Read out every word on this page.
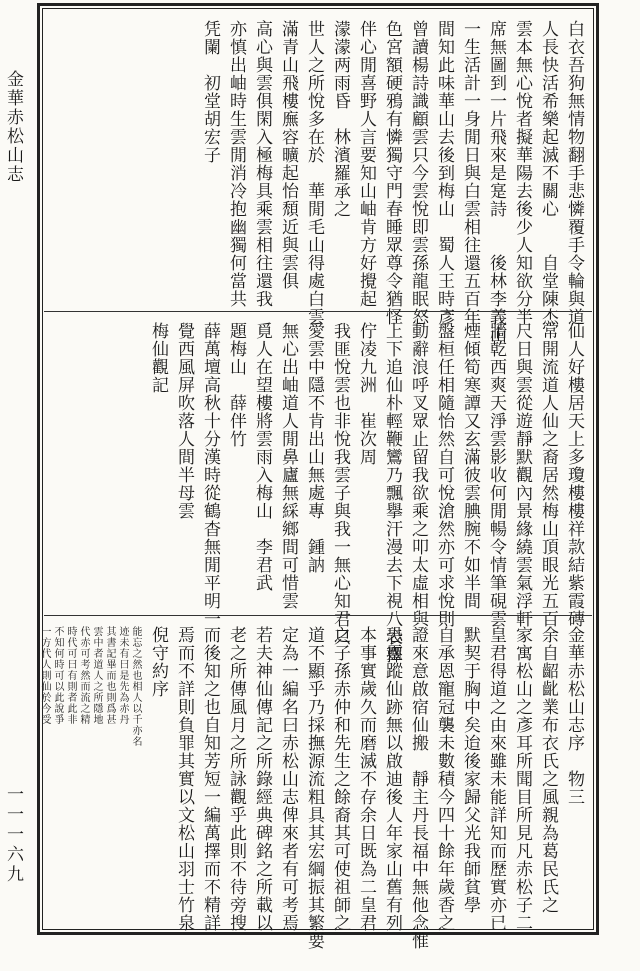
金華赤松山志
一一一六九
白衣吾狗無情物翻手悲憐覆手令輪與道
人長快活希樂起滅不關心　　自堂陳杰
雲本無心悅者擬華陽去後少人知欲分半
席無圖到一片飛來是寔詩　　後林李義山
一生活計一身閒日與白雲相往還五百年
間知此味華山去後到梅山　蜀人王時彥
曾讀楊詩識顧雲只今雲悅即雲孫龍眠怒
色宮額硬鴉有憐獨守門春睡眾尊令猶怪
伴心閒喜野人言要知山岫肯方好攪起
濛濛两雨昏　林濱羅承之
世人之所悅多在於　華閒毛山得處白雲
滿青山飛樓廡容曠起怡頹近與雲俱
高心與雲俱閑入極梅具乘雲相往還我
亦慎出岫時生雲閒消冷抱幽獨何當共
凭闌　初堂胡宏子
仙人好樓居天上多瓊樓樓祥款結紫霞磚
常開流道人仙之裔居然梅山頂眼光五百
尺日與雲從遊靜默觀內景緣繞雲氣浮軒
牆乾西爽天淨雲影收何閒暢令情筆硯雲
煙傾筍寒譚又玄滿彼雲腆腕不如半間
盤桓任相隨怡然自可悅滄然亦可求悅則
動辭浪呼叉眾止留我欲乘之叩太虛相與
上下追仙朴輕鞭鸞乃飄擧汗漫去下視八表擇
佇凌九洲　崔次周
我匪悅雲也非悅我雲子與我一無心知君只
愛雲中隱不肯出山無處專　鍾訥
無心出岫道人閒鼻廬無綵鄉間可惜雲
覓人在望樓將雲雨入梅山　李君武
題梅山　薛伴竹
薛萬壇高秋十分漢時從鶴杳無閒平明一
覺西風屏吹落人間半母雲
梅仙觀記
金華赤松山志序　物三
余自齠齔業布衣氏之風親為葛民氏之
家寓松山之彥耳所聞目所見凡赤松子二
皇君得道之由來雖未能詳知而歷實亦已
默契于胸中矣迨後家歸父光我師貧學
自承恩寵冠襲未數積今四十餘年歲香之
證來意啟宿仙搬　靜主丹長福中無他念惟
恐靈蹤仙跡無以啟迪後人年家山舊有列
本事實歲久而磨滅不存余日既為二皇君
之子孫赤仲和先生之餘裔其可使祖師之
道不顯乎乃採撫源流粗具其宏綱振其繁要
定為一編名曰赤松山志俾來者有可考焉
若夫神仙傳記之所錄經典碑銘之所載以
老之所傳風月之所詠觀乎此則不待旁搜
而後知之也自知芳短一編萬擇而不精詳
焉而不詳則負罪其實以文松山羽士竹泉
倪守約序
能忘之然也相人以千亦名
迹未有曰是先為赤丹
其書記畢而也則爲甚
雲中者道人之所隱地
代赤可考然而流之精
時代可曰有則者此非
不知何時可以此說爭
一方代人則仙於今受
